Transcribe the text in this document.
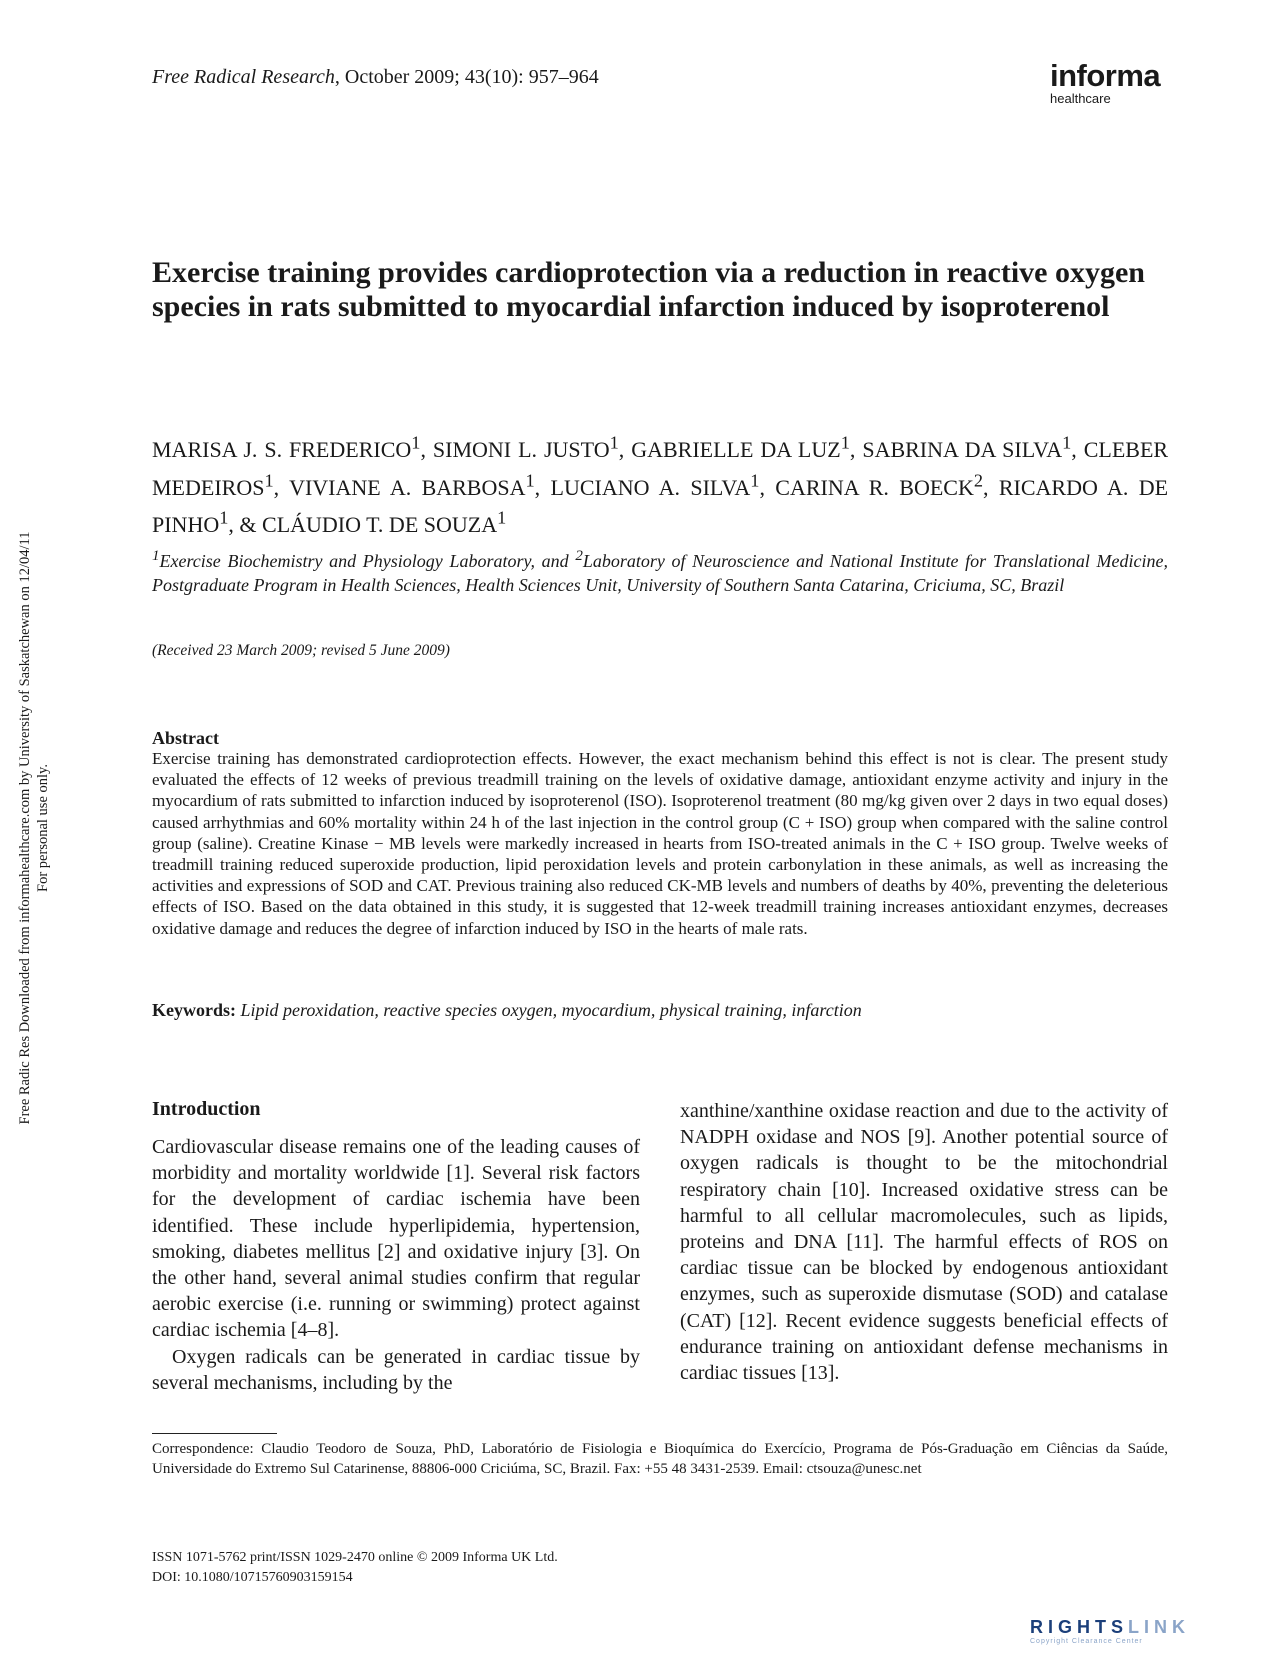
Free Radical Research, October 2009; 43(10): 957–964	informa
healthcare
Free Radic Res Downloaded from informahealthcare.com by University of Saskatchewan on 12/04/11 For personal use only.
Exercise training provides cardioprotection via a reduction in reactive oxygen species in rats submitted to myocardial infarction induced by isoproterenol
MARISA J. S. FREDERICO$^1$, SIMONI L. JUSTO$^1$, GABRIELLE DA LUZ$^1$, SABRINA DA SILVA$^1$, CLEBER MEDEIROS$^1$, VIVIANE A. BARBOSA$^1$, LUCIANO A. SILVA$^1$, CARINA R. BOECK$^2$, RICARDO A. DE PINHO$^1$, & CLÁUDIO T. DE SOUZA$^1$
$^1$Exercise Biochemistry and Physiology Laboratory, and $^2$Laboratory of Neuroscience and National Institute for Translational Medicine, Postgraduate Program in Health Sciences, Health Sciences Unit, University of Southern Santa Catarina, Criciuma, SC, Brazil
(Received 23 March 2009; revised 5 June 2009)
Abstract
Exercise training has demonstrated cardioprotection effects. However, the exact mechanism behind this effect is not is clear. The present study evaluated the effects of 12 weeks of previous treadmill training on the levels of oxidative damage, antioxidant enzyme activity and injury in the myocardium of rats submitted to infarction induced by isoproterenol (ISO). Isoproterenol treatment (80 mg/kg given over 2 days in two equal doses) caused arrhythmias and 60% mortality within 24 h of the last injection in the control group (C + ISO) group when compared with the saline control group (saline). Creatine Kinase − MB levels were markedly increased in hearts from ISO-treated animals in the C + ISO group. Twelve weeks of treadmill training reduced superoxide production, lipid peroxidation levels and protein carbonylation in these animals, as well as increasing the activities and expressions of SOD and CAT. Previous training also reduced CK-MB levels and numbers of deaths by 40%, preventing the deleterious effects of ISO. Based on the data obtained in this study, it is suggested that 12-week treadmill training increases antioxidant enzymes, decreases oxidative damage and reduces the degree of infarction induced by ISO in the hearts of male rats.
Keywords: Lipid peroxidation, reactive species oxygen, myocardium, physical training, infarction
Introduction

Cardiovascular disease remains one of the leading causes of morbidity and mortality worldwide [1]. Several risk factors for the development of cardiac ischemia have been identified. These include hyperlipidemia, hypertension, smoking, diabetes mellitus [2] and oxidative injury [3]. On the other hand, several animal studies confirm that regular aerobic exercise (i.e. running or swimming) protect against cardiac ischemia [4–8].

Oxygen radicals can be generated in cardiac tissue by several mechanisms, including by the

xanthine/xanthine oxidase reaction and due to the activity of NADPH oxidase and NOS [9]. Another potential source of oxygen radicals is thought to be the mitochondrial respiratory chain [10]. Increased oxidative stress can be harmful to all cellular macromolecules, such as lipids, proteins and DNA [11]. The harmful effects of ROS on cardiac tissue can be blocked by endogenous antioxidant enzymes, such as superoxide dismutase (SOD) and catalase (CAT) [12]. Recent evidence suggests beneficial effects of endurance training on antioxidant defense mechanisms in cardiac tissues [13].

Correspondence: Claudio Teodoro de Souza, PhD, Laboratório de Fisiologia e Bioquímica do Exercício, Programa de Pós-Graduação em Ciências da Saúde, Universidade do Extremo Sul Catarinense, 88806-000 Criciúma, SC, Brazil. Fax: +55 48 3431-2539. Email: ctsouza@unesc.net
ISSN 1071-5762 print/ISSN 1029-2470 online © 2009 Informa UK Ltd.
DOI: 10.1080/10715760903159154
RIGHTSLINK
Copyright Clearance Center
